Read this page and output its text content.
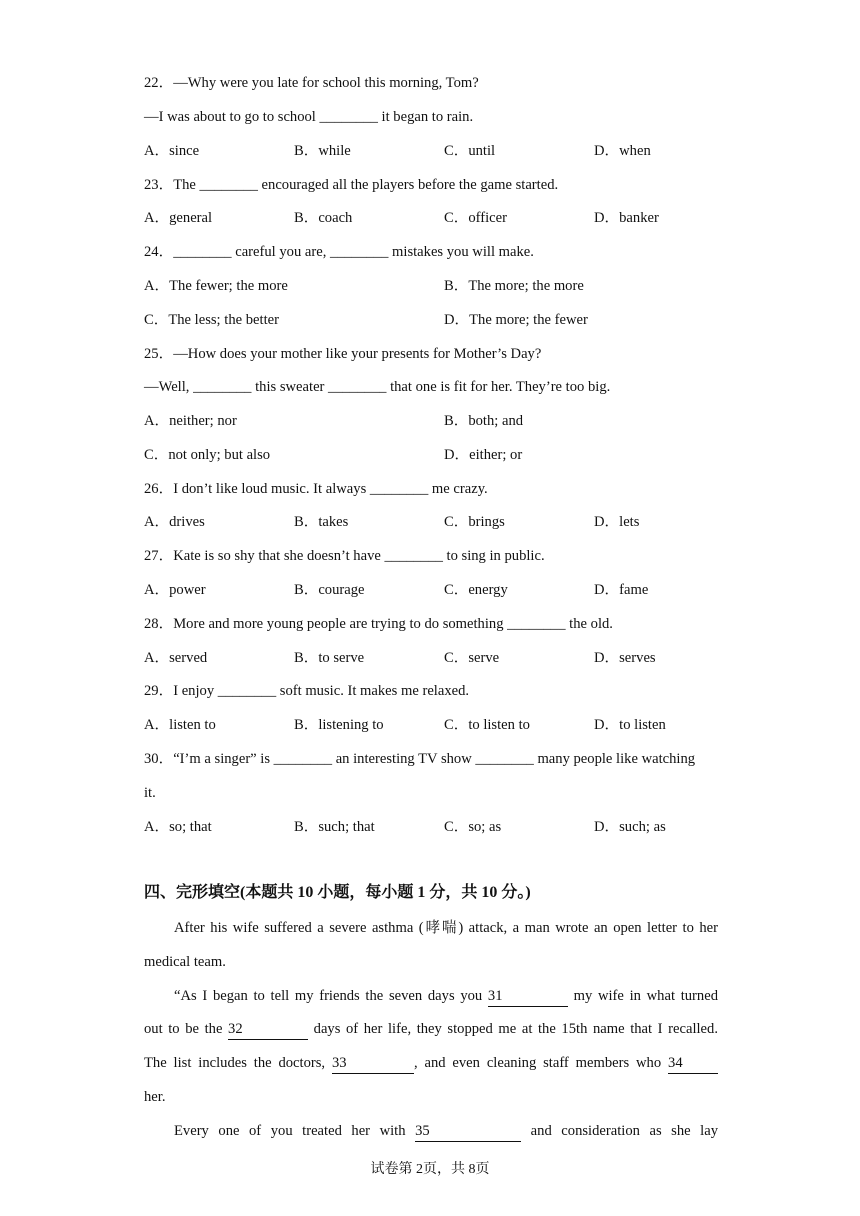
22．—Why were you late for school this morning, Tom?
—I was about to go to school ________ it began to rain.
A．since	B．while	C．until	D．when
23．The ________ encouraged all the players before the game started.
A．general	B．coach	C．officer	D．banker
24．________ careful you are, ________ mistakes you will make.
A．The fewer; the more	B．The more; the more
C．The less; the better	D．The more; the fewer
25．—How does your mother like your presents for Mother’s Day?
—Well, ________ this sweater ________ that one is fit for her. They’re too big.
A．neither; nor	B．both; and
C．not only; but also	D．either; or
26．I don’t like loud music. It always ________ me crazy.
A．drives	B．takes	C．brings	D．lets
27．Kate is so shy that she doesn’t have ________ to sing in public.
A．power	B．courage	C．energy	D．fame
28．More and more young people are trying to do something ________ the old.
A．served	B．to serve	C．serve	D．serves
29．I enjoy ________ soft music. It makes me relaxed.
A．listen to	B．listening to	C．to listen to	D．to listen
30．“I’m a singer” is ________ an interesting TV show ________ many people like watching
it.
A．so; that	B．such; that	C．so; as	D．such; as
四、完形填空(本题共 10 小题，每小题 1 分，共 10 分。)
After his wife suffered a severe asthma (哮喘) attack, a man wrote an open letter to her
medical team.
“As I began to tell my friends the seven days you 31	my wife in what turned
out to be the 32	days of her life, they stopped me at the 15th name that I recalled.
The list includes the doctors, 33	, and even cleaning staff members who 34
her.
Every one of you treated her with 35	and consideration as she lay
试卷第 2页，共 8页
